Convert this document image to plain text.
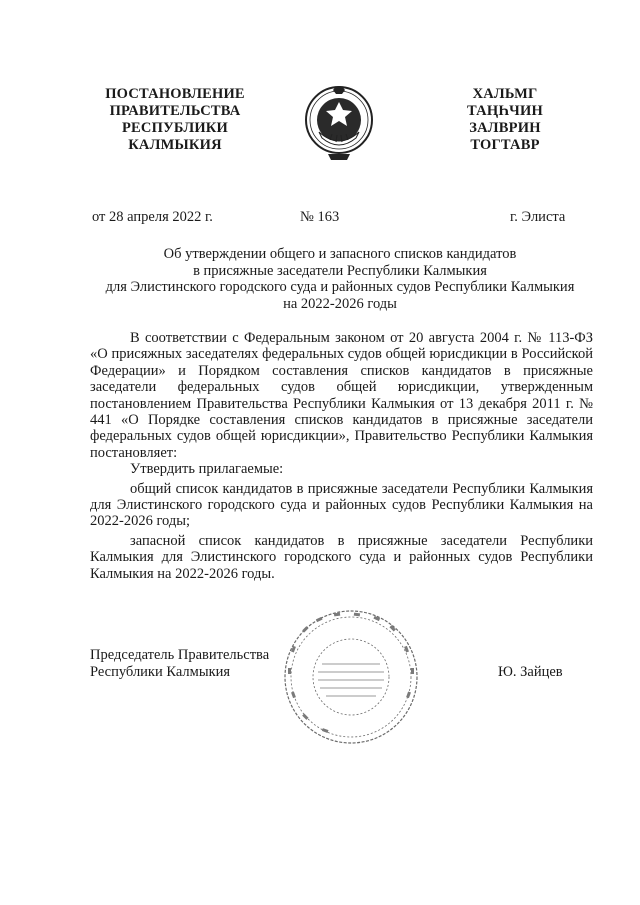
ПОСТАНОВЛЕНИЕ
ПРАВИТЕЛЬСТВА
РЕСПУБЛИКИ
КАЛМЫКИЯ
ХАЛЬМГ
ТАҢҺЧИН
ЗАЛВРИН
ТОГТАВР
от 28 апреля 2022 г.	№ 163	г. Элиста
Об утверждении общего и запасного списков кандидатов
в присяжные заседатели Республики Калмыкия
для Элистинского городского суда и районных судов Республики Калмыкия
на 2022-2026 годы

В соответствии с Федеральным законом от 20 августа 2004 г. № 113-ФЗ «О присяжных заседателях федеральных судов общей юрисдикции в Российской Федерации» и Порядком составления списков кандидатов в присяжные заседатели федеральных судов общей юрисдикции, утвержденным постановлением Правительства Республики Калмыкия от 13 декабря 2011 г. № 441 «О Порядке составления списков кандидатов в присяжные заседатели федеральных судов общей юрисдикции», Правительство Республики Калмыкия постановляет:

Утвердить прилагаемые:

общий список кандидатов в присяжные заседатели Республики Калмыкия для Элистинского городского суда и районных судов Республики Калмыкия на 2022-2026 годы;

запасной список кандидатов в присяжные заседатели Республики Калмыкия для Элистинского городского суда и районных судов Республики Калмыкия на 2022-2026 годы.

Председатель Правительства
Республики Калмыкия	Ю. Зайцев
